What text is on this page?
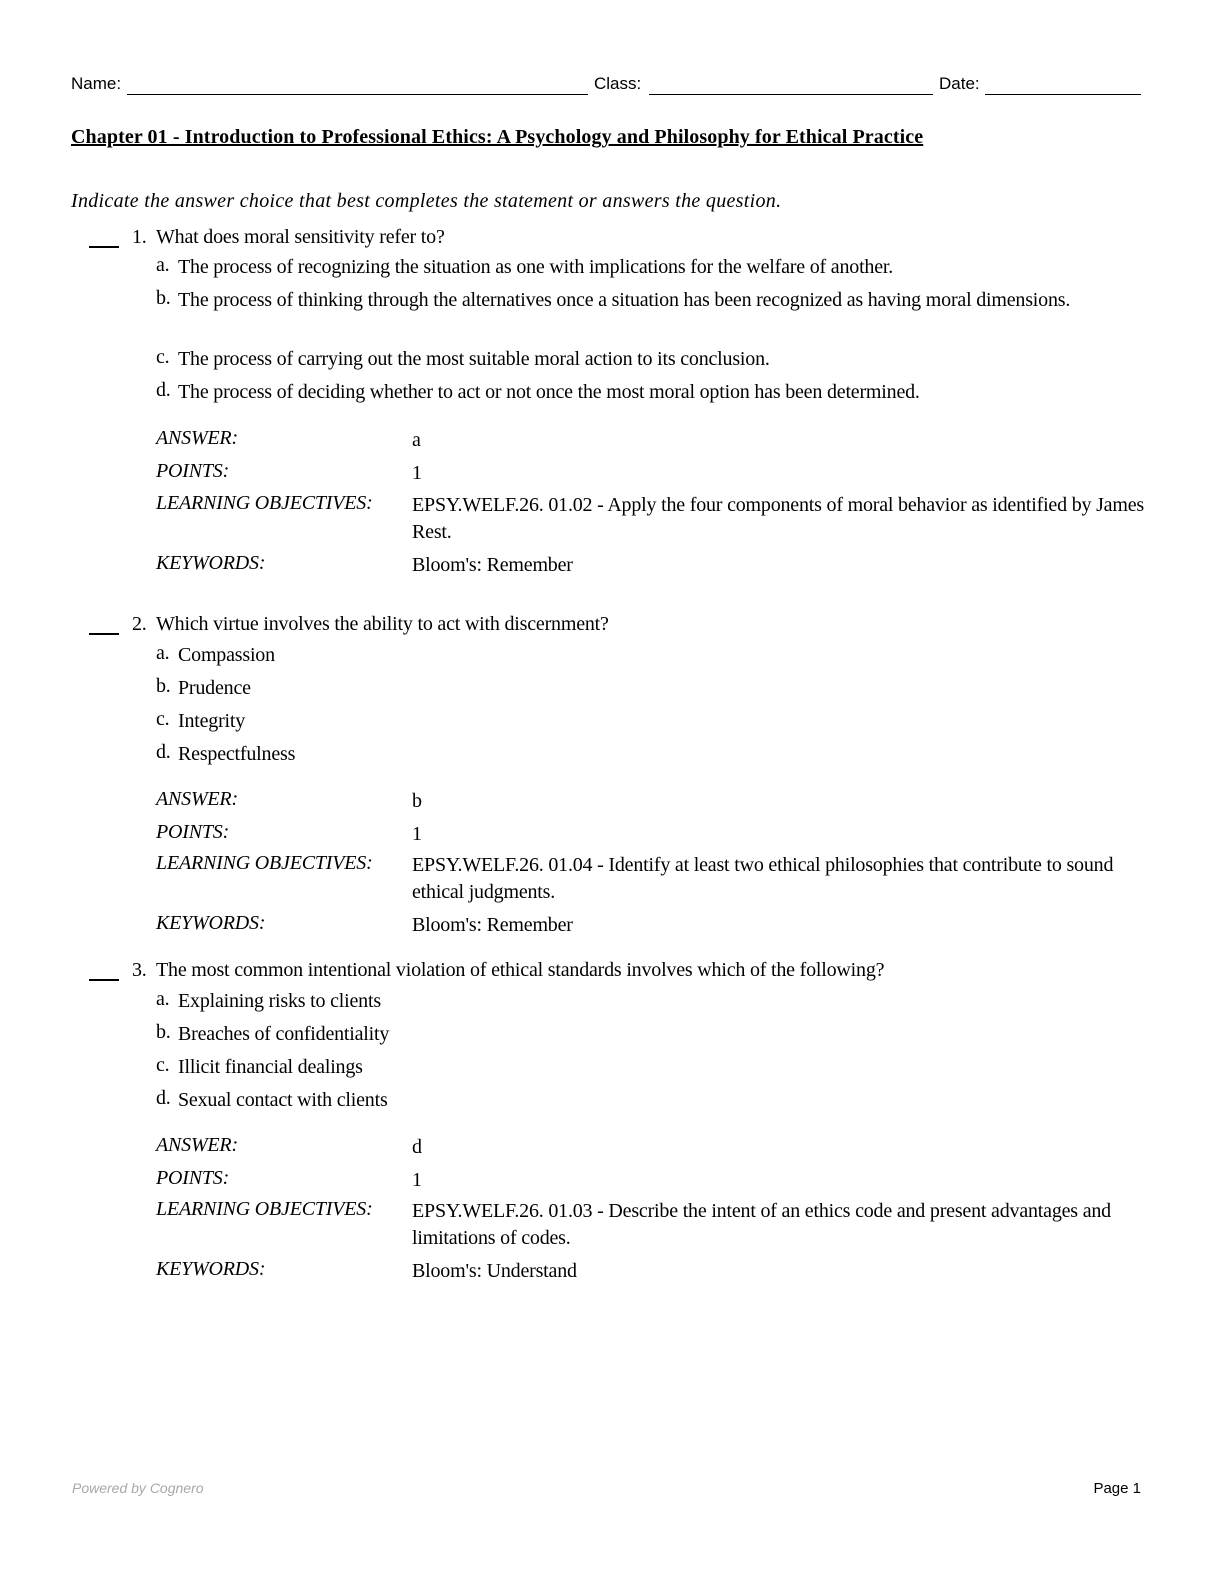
Name:	Class:	Date:
Chapter 01 - Introduction to Professional Ethics: A Psychology and Philosophy for Ethical Practice
Indicate the answer choice that best completes the statement or answers the question.
1. What does moral sensitivity refer to?
a. The process of recognizing the situation as one with implications for the welfare of another.
b. The process of thinking through the alternatives once a situation has been recognized as having moral dimensions.
c. The process of carrying out the most suitable moral action to its conclusion.
d. The process of deciding whether to act or not once the most moral option has been determined.
ANSWER:	a
POINTS:	1
LEARNING OBJECTIVES: EPSY.WELF.26. 01.02 - Apply the four components of moral behavior as identified by James Rest.
KEYWORDS:	Bloom's: Remember
2. Which virtue involves the ability to act with discernment?
a. Compassion
b. Prudence
c. Integrity
d. Respectfulness
ANSWER:	b
POINTS:	1
LEARNING OBJECTIVES: EPSY.WELF.26. 01.04 - Identify at least two ethical philosophies that contribute to sound ethical judgments.
KEYWORDS:	Bloom's: Remember
3. The most common intentional violation of ethical standards involves which of the following?
a. Explaining risks to clients
b. Breaches of confidentiality
c. Illicit financial dealings
d. Sexual contact with clients
ANSWER:	d
POINTS:	1
LEARNING OBJECTIVES: EPSY.WELF.26. 01.03 - Describe the intent of an ethics code and present advantages and limitations of codes.
KEYWORDS:	Bloom's: Understand
Powered by Cognero	Page 1
